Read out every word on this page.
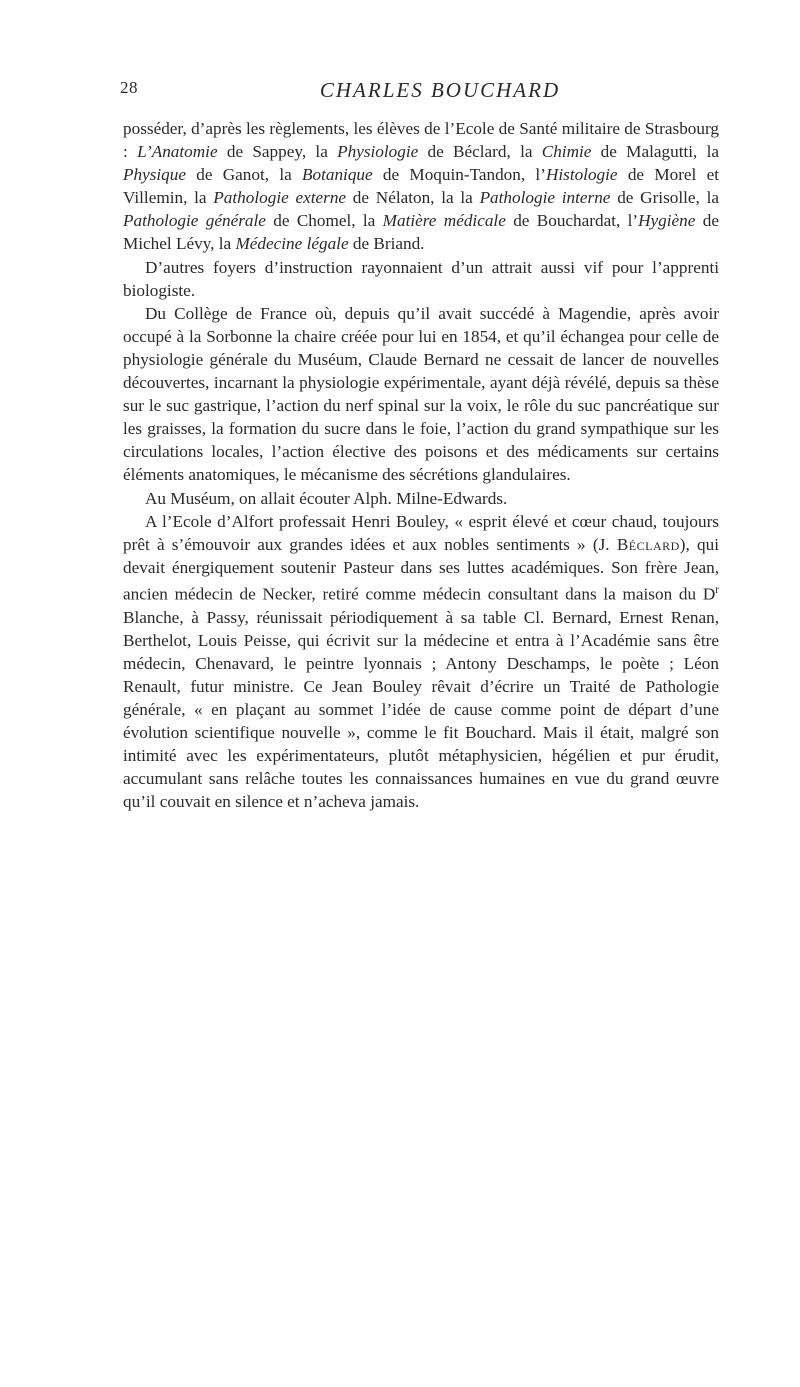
28	CHARLES BOUCHARD

posséder, d’après les règlements, les élèves de l’Ecole de Santé militaire de Strasbourg : L’Anatomie de Sappey, la Physiologie de Béclard, la Chimie de Malagutti, la Physique de Ganot, la Botanique de Moquin-Tandon, l’Histologie de Morel et Villemin, la Pathologie externe de Nélaton, la la Pathologie interne de Grisolle, la Pathologie générale de Chomel, la Matière médicale de Bouchardat, l’Hygiène de Michel Lévy, la Médecine légale de Briand.

D’autres foyers d’instruction rayonnaient d’un attrait aussi vif pour l’apprenti biologiste.

Du Collège de France où, depuis qu’il avait succédé à Magendie, après avoir occupé à la Sorbonne la chaire créée pour lui en 1854, et qu’il échangea pour celle de physiologie générale du Muséum, Claude Bernard ne cessait de lancer de nouvelles découvertes, incarnant la physiologie expérimentale, ayant déjà révélé, depuis sa thèse sur le suc gastrique, l’action du nerf spinal sur la voix, le rôle du suc pancréatique sur les graisses, la formation du sucre dans le foie, l’action du grand sympathique sur les circulations locales, l’action élective des poisons et des médicaments sur certains éléments anatomiques, le mécanisme des sécrétions glandulaires.

Au Muséum, on allait écouter Alph. Milne-Edwards.

A l’Ecole d’Alfort professait Henri Bouley, « esprit élevé et cœur chaud, toujours prêt à s’émouvoir aux grandes idées et aux nobles sentiments » (J. Béclard), qui devait énergiquement soutenir Pasteur dans ses luttes académiques. Son frère Jean, ancien médecin de Necker, retiré comme médecin consultant dans la maison du $D^r$ Blanche, à Passy, réunissait périodiquement à sa table Cl. Bernard, Ernest Renan, Berthelot, Louis Peisse, qui écrivit sur la médecine et entra à l’Académie sans être médecin, Chenavard, le peintre lyonnais ; Antony Deschamps, le poète ; Léon Renault, futur ministre. Ce Jean Bouley rêvait d’écrire un Traité de Pathologie générale, « en plaçant au sommet l’idée de cause comme point de départ d’une évolution scientifique nouvelle », comme le fit Bouchard. Mais il était, malgré son intimité avec les expérimentateurs, plutôt métaphysicien, hégélien et pur érudit, accumulant sans relâche toutes les connaissances humaines en vue du grand œuvre qu’il couvait en silence et n’acheva jamais.
